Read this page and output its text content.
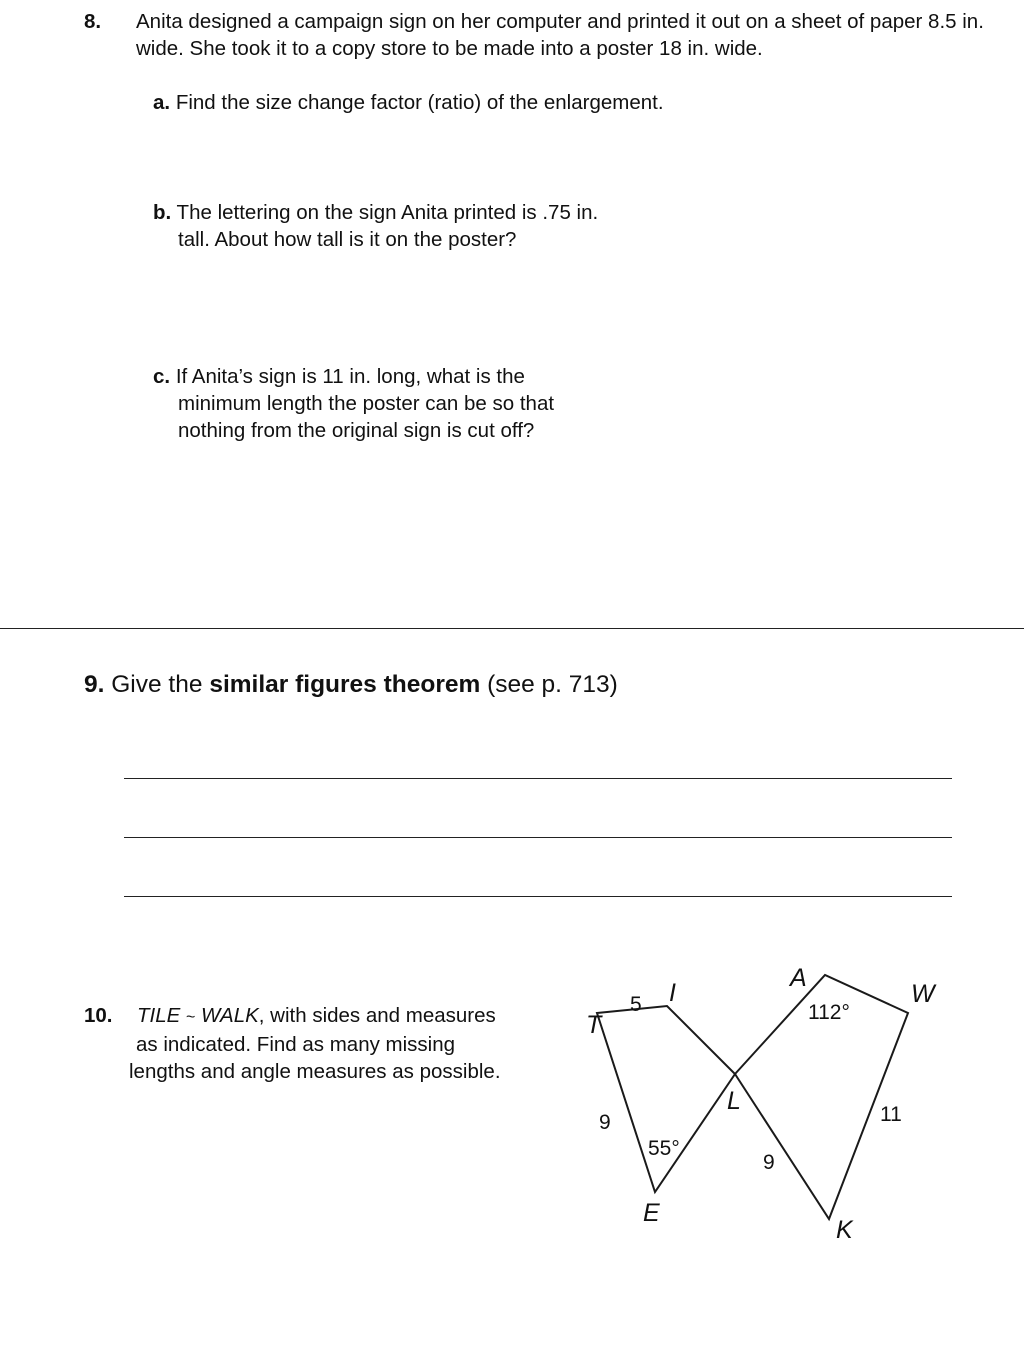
8. Anita designed a campaign sign on her computer and printed it out on a sheet of paper 8.5 in. wide. She took it to a copy store to be made into a poster 18 in. wide.
a. Find the size change factor (ratio) of the enlargement.
b. The lettering on the sign Anita printed is .75 in.
tall. About how tall is it on the poster?
c. If Anita’s sign is 11 in. long, what is the
minimum length the poster can be so that
nothing from the original sign is cut off?
9. Give the similar figures theorem (see p. 713)
10.	TILE ~ WALK, with sides and measures
as indicated. Find as many missing
lengths and angle measures as possible.
T
I
L
E
A
W
K
5
9
55°
9
11
112°
